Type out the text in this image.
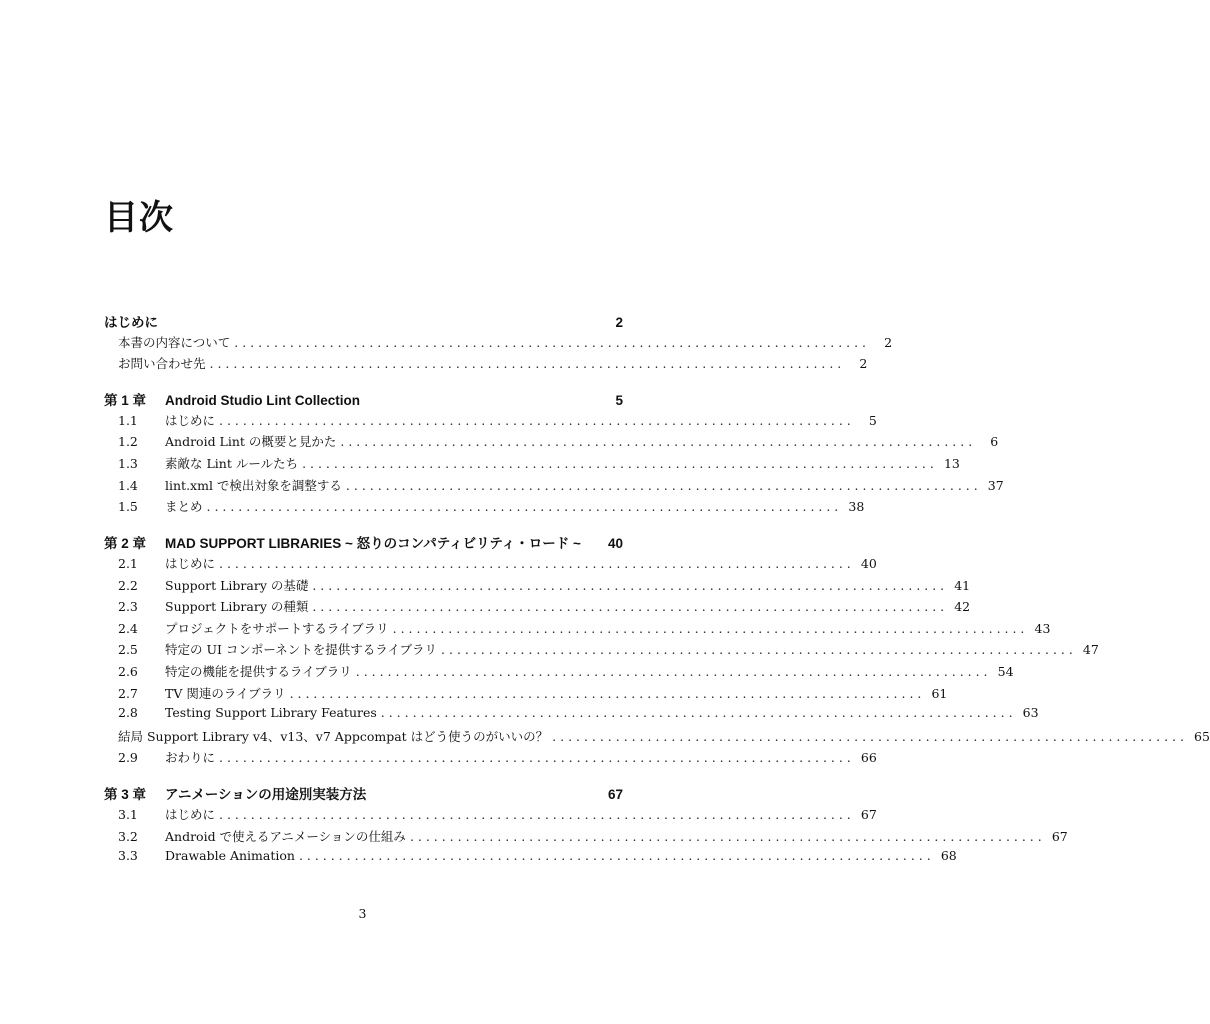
目次
はじめに	2
本書の内容について . . . . . . . . . . . . . . . . . . . . . . . . . . . . . . . . . . . . . . . . . . . . . . . . . . . . . . . . . . . . . . . . . . . . . . . . . . . . . . . .	2
お問い合わせ先 . . . . . . . . . . . . . . . . . . . . . . . . . . . . . . . . . . . . . . . . . . . . . . . . . . . . . . . . . . . . . . . . . . . . . . . . . . . . . . . .	2
第 1 章	Android Studio Lint Collection	5
1.1	はじめに . . . . . . . . . . . . . . . . . . . . . . . . . . . . . . . . . . . . . . . . . . . . . . . . . . . . . . . . . . . . . . . . . . . . . . . . . . . . . . . .	5
1.2	Android Lint の概要と見かた . . . . . . . . . . . . . . . . . . . . . . . . . . . . . . . . . . . . . . . . . . . . . . . . . . . . . . . . . . . . . . . . . . . . . . . . . . . . . . . .	6
1.3	素敵な Lint ルールたち . . . . . . . . . . . . . . . . . . . . . . . . . . . . . . . . . . . . . . . . . . . . . . . . . . . . . . . . . . . . . . . . . . . . . . . . . . . . . . . . 13
1.4	lint.xml で検出対象を調整する . . . . . . . . . . . . . . . . . . . . . . . . . . . . . . . . . . . . . . . . . . . . . . . . . . . . . . . . . . . . . . . . . . . . . . . . . . . . . . . . 37
1.5	まとめ . . . . . . . . . . . . . . . . . . . . . . . . . . . . . . . . . . . . . . . . . . . . . . . . . . . . . . . . . . . . . . . . . . . . . . . . . . . . . . . . 38
第 2 章	MAD SUPPORT LIBRARIES ~ 怒りのコンパティビリティ・ロード ~	40
2.1	はじめに . . . . . . . . . . . . . . . . . . . . . . . . . . . . . . . . . . . . . . . . . . . . . . . . . . . . . . . . . . . . . . . . . . . . . . . . . . . . . . . . 40
2.2	Support Library の基礎 . . . . . . . . . . . . . . . . . . . . . . . . . . . . . . . . . . . . . . . . . . . . . . . . . . . . . . . . . . . . . . . . . . . . . . . . . . . . . . . . 41
2.3	Support Library の種類 . . . . . . . . . . . . . . . . . . . . . . . . . . . . . . . . . . . . . . . . . . . . . . . . . . . . . . . . . . . . . . . . . . . . . . . . . . . . . . . . 42
2.4	プロジェクトをサポートするライブラリ . . . . . . . . . . . . . . . . . . . . . . . . . . . . . . . . . . . . . . . . . . . . . . . . . . . . . . . . . . . . . . . . . . . . . . . . . . . . . . . . 43
2.5	特定の UI コンポーネントを提供するライブラリ . . . . . . . . . . . . . . . . . . . . . . . . . . . . . . . . . . . . . . . . . . . . . . . . . . . . . . . . . . . . . . . . . . . . . . . . . . . . . . . . 47
2.6	特定の機能を提供するライブラリ . . . . . . . . . . . . . . . . . . . . . . . . . . . . . . . . . . . . . . . . . . . . . . . . . . . . . . . . . . . . . . . . . . . . . . . . . . . . . . . . 54
2.7	TV 関連のライブラリ . . . . . . . . . . . . . . . . . . . . . . . . . . . . . . . . . . . . . . . . . . . . . . . . . . . . . . . . . . . . . . . . . . . . . . . . . . . . . . . . 61
2.8	Testing Support Library Features . . . . . . . . . . . . . . . . . . . . . . . . . . . . . . . . . . . . . . . . . . . . . . . . . . . . . . . . . . . . . . . . . . . . . . . . . . . . . . . . 63
結局 Support Library v4、v13、v7 Appcompat はどう使うのがいいの？ . . . . . . . . . . . . . . . . . . . . . . . . . . . . . . . . . . . . . . . . . . . . . . . . . . . . . . . . . . . . . . . . . . . . . . . . . . . . . . . . 65
2.9	おわりに . . . . . . . . . . . . . . . . . . . . . . . . . . . . . . . . . . . . . . . . . . . . . . . . . . . . . . . . . . . . . . . . . . . . . . . . . . . . . . . . 66
第 3 章	アニメーションの用途別実装方法	67
3.1	はじめに . . . . . . . . . . . . . . . . . . . . . . . . . . . . . . . . . . . . . . . . . . . . . . . . . . . . . . . . . . . . . . . . . . . . . . . . . . . . . . . . 67
3.2	Android で使えるアニメーションの仕組み . . . . . . . . . . . . . . . . . . . . . . . . . . . . . . . . . . . . . . . . . . . . . . . . . . . . . . . . . . . . . . . . . . . . . . . . . . . . . . . . 67
3.3	Drawable Animation . . . . . . . . . . . . . . . . . . . . . . . . . . . . . . . . . . . . . . . . . . . . . . . . . . . . . . . . . . . . . . . . . . . . . . . . . . . . . . . . 68
3
